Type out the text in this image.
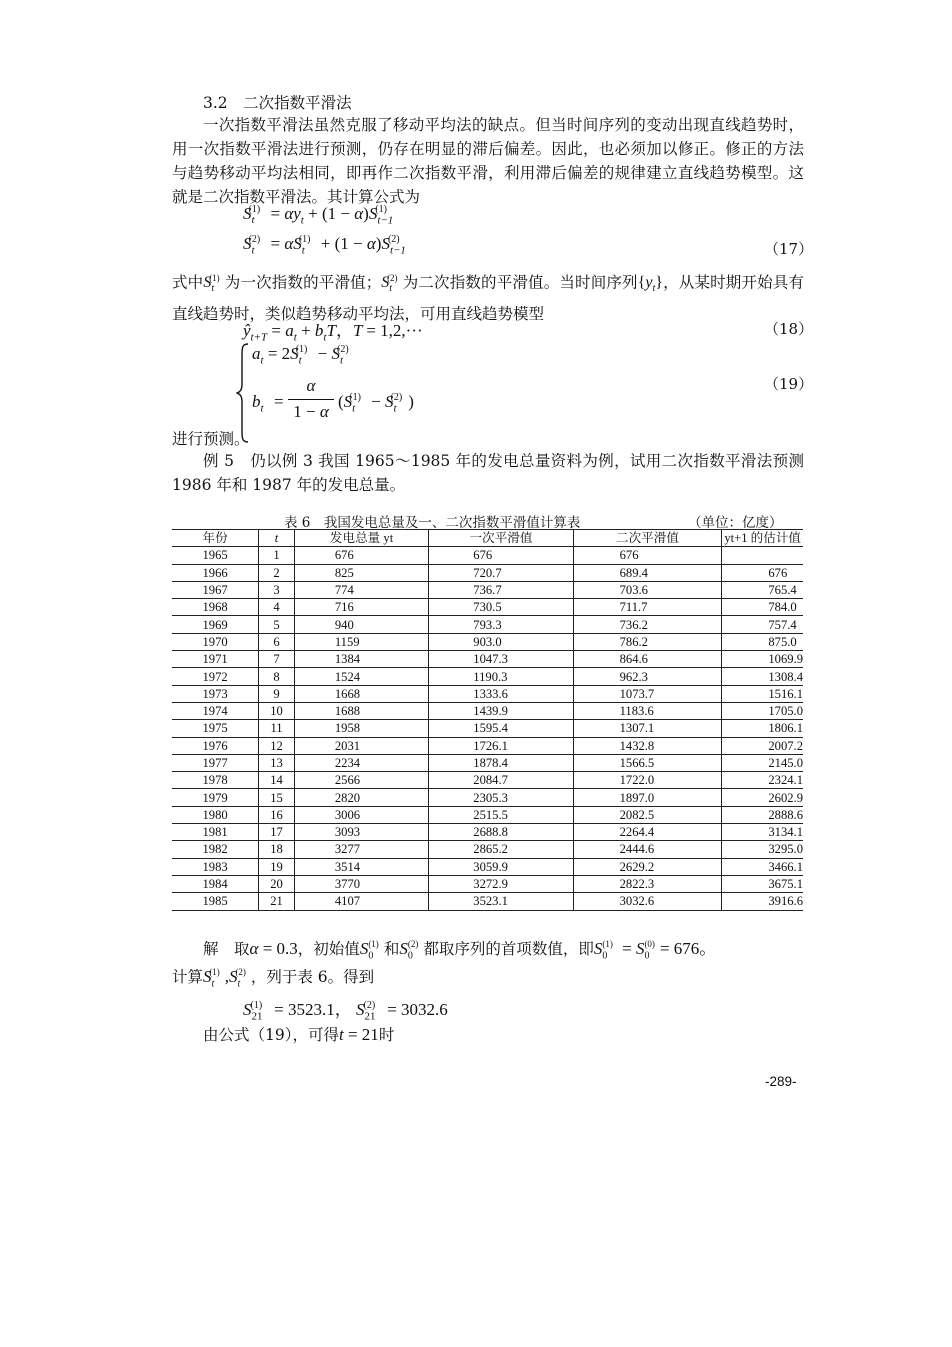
3.2　二次指数平滑法
一次指数平滑法虽然克服了移动平均法的缺点。但当时间序列的变动出现直线趋势时，用一次指数平滑法进行预测，仍存在明显的滞后偏差。因此，也必须加以修正。修正的方法与趋势移动平均法相同，即再作二次指数平滑，利用滞后偏差的规律建立直线趋势模型。这就是二次指数平滑法。其计算公式为
$S_t^{(1)} = \alpha y_t + (1 - \alpha)S_{t-1}^{(1)}$
$S_t^{(2)} = \alpha S_t^{(1)} + (1 - \alpha)S_{t-1}^{(2)}$
（17）
式中$S_t^{(1)}$ 为一次指数的平滑值；$S_t^{(2)}$ 为二次指数的平滑值。当时间序列$\{y_t\}$，从某时期开始具有直线趋势时，类似趋势移动平均法，可用直线趋势模型
$ŷ_{t+T} = a_t + b_tT$，T = 1,2,···	（18）
$a_t = 2S_t^{(1)} - S_t^{(2)}$
$b_t$ =
α
1 − α
($S_t^{(1)} - S_t^{(2)}$ )
（19）
进行预测。
例 5　仍以例 3 我国 1965～1985 年的发电总量资料为例，试用二次指数平滑法预测 1986 年和 1987 年的发电总量。
表 6　我国发电总量及一、二次指数平滑值计算表	（单位：亿度）
年份	t	发电总量 yt	一次平滑值	二次平滑值	yt+1 的估计值
1965	1	676	676	676	
1966	2	825	720.7	689.4	676
1967	3	774	736.7	703.6	765.4
1968	4	716	730.5	711.7	784.0
1969	5	940	793.3	736.2	757.4
1970	6	1159	903.0	786.2	875.0
1971	7	1384	1047.3	864.6	1069.9
1972	8	1524	1190.3	962.3	1308.4
1973	9	1668	1333.6	1073.7	1516.1
1974	10	1688	1439.9	1183.6	1705.0
1975	11	1958	1595.4	1307.1	1806.1
1976	12	2031	1726.1	1432.8	2007.2
1977	13	2234	1878.4	1566.5	2145.0
1978	14	2566	2084.7	1722.0	2324.1
1979	15	2820	2305.3	1897.0	2602.9
1980	16	3006	2515.5	2082.5	2888.6
1981	17	3093	2688.8	2264.4	3134.1
1982	18	3277	2865.2	2444.6	3295.0
1983	19	3514	3059.9	2629.2	3466.1
1984	20	3770	3272.9	2822.3	3675.1
1985	21	4107	3523.1	3032.6	3916.6
解　取α = 0.3，初始值$S_0^{(1)}$ 和$S_0^{(2)}$ 都取序列的首项数值，即$S_0^{(1)} = S_0^{(0)} = 676$。
计算$S_t^{(1)}$ $,S_t^{(2)}$ ，列于表 6。得到
$S_{21}^{(1)} = 3523.1$， $S_{21}^{(2)} = 3032.6$
由公式（19），可得t = 21时
-289-
